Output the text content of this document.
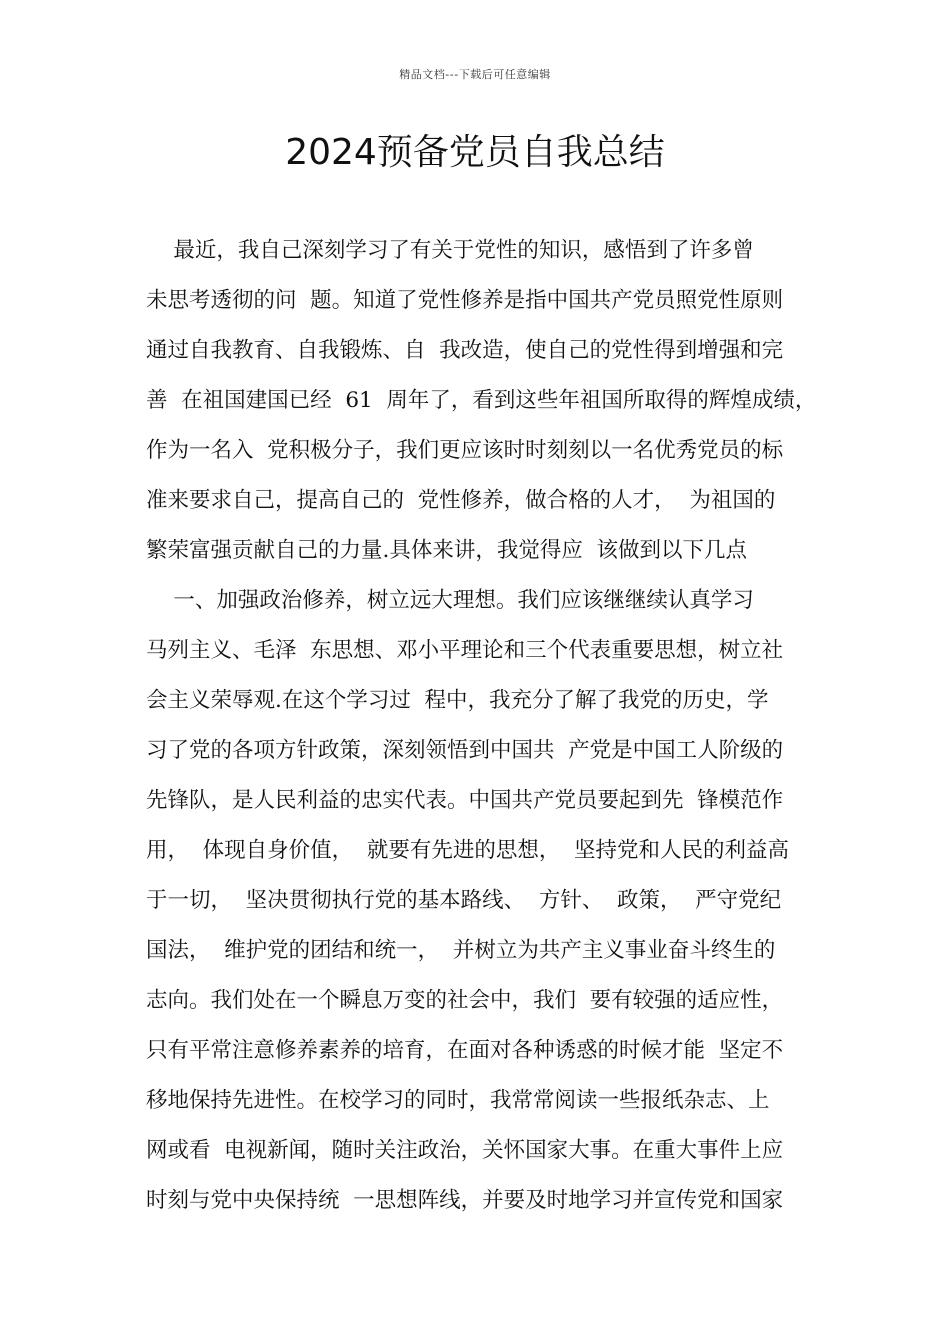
精品文档---下载后可任意编辑
2024预备党员自我总结
最近，我自己深刻学习了有关于党性的知识，感悟到了许多曾
未思考透彻的问  题。知道了党性修养是指中国共产党员照党性原则
通过自我教育、自我锻炼、自  我改造，使自己的党性得到增强和完
善  在祖国建国已经  61  周年了，看到这些年祖国所取得的辉煌成绩，
作为一名入  党积极分子，我们更应该时时刻刻以一名优秀党员的标
准来要求自己，提高自己的  党性修养，做合格的人才，  为祖国的
繁荣富强贡献自己的力量.具体来讲，我觉得应  该做到以下几点
一、加强政治修养，树立远大理想。我们应该继继续认真学习
马列主义、毛泽  东思想、邓小平理论和三个代表重要思想，树立社
会主义荣辱观.在这个学习过  程中，我充分了解了我党的历史，学
习了党的各项方针政策，深刻领悟到中国共  产党是中国工人阶级的
先锋队，是人民利益的忠实代表。中国共产党员要起到先  锋模范作
用，  体现自身价值，  就要有先进的思想，  坚持党和人民的利益高
于一切，  坚决贯彻执行党的基本路线、  方针、  政策，  严守党纪
国法，  维护党的团结和统一，  并树立为共产主义事业奋斗终生的
志向。我们处在一个瞬息万变的社会中，我们  要有较强的适应性，
只有平常注意修养素养的培育，在面对各种诱惑的时候才能  坚定不
移地保持先进性。在校学习的同时，我常常阅读一些报纸杂志、上
网或看  电视新闻，随时关注政治，关怀国家大事。在重大事件上应
时刻与党中央保持统  一思想阵线，并要及时地学习并宣传党和国家
